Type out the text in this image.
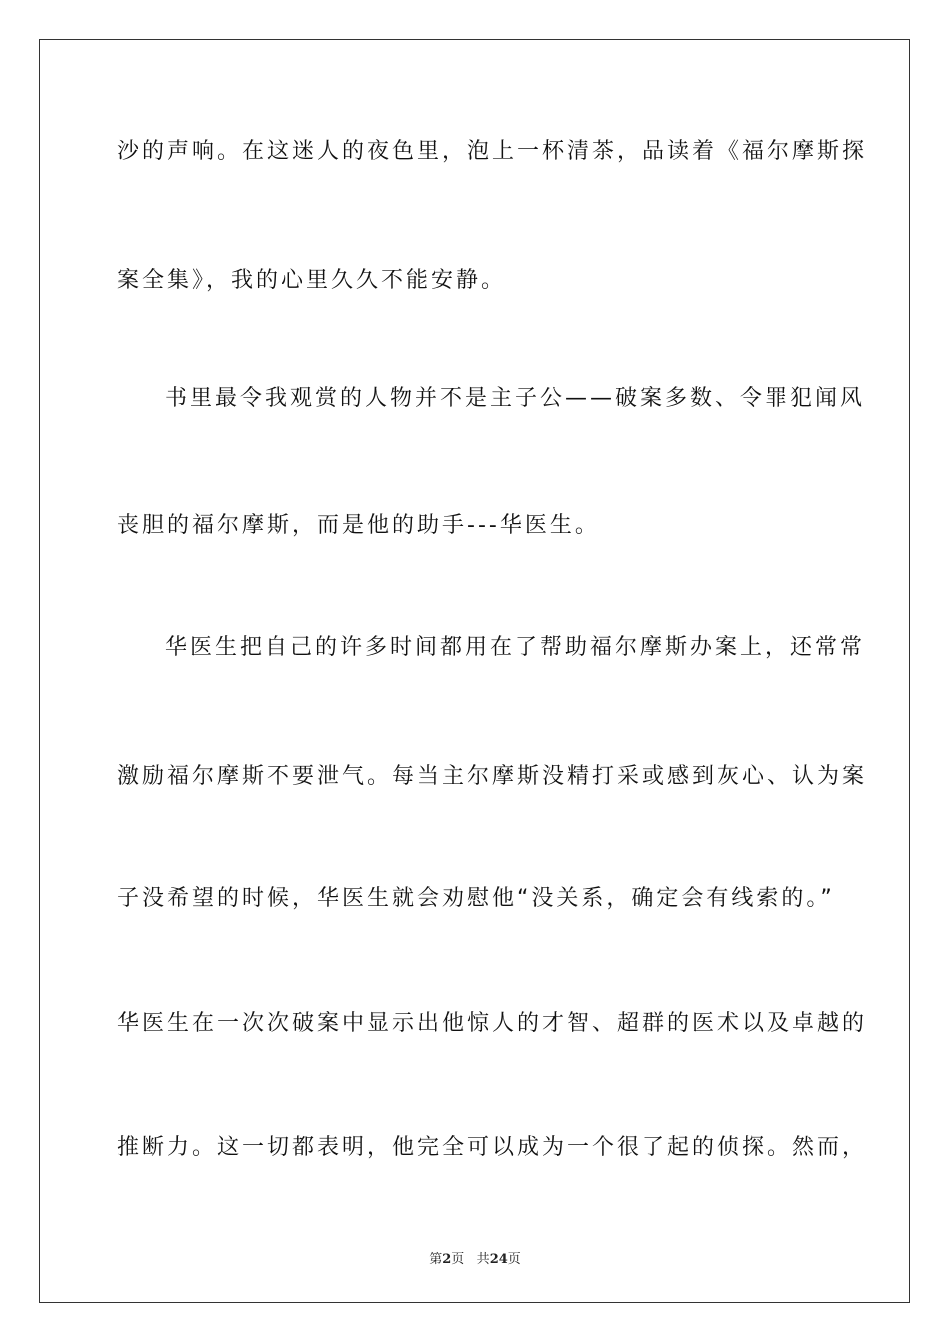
沙的声响。在这迷人的夜色里，泡上一杯清茶，品读着《福尔摩斯探
案全集》，我的心里久久不能安静。
书里最令我观赏的人物并不是主子公——破案多数、令罪犯闻风
丧胆的福尔摩斯，而是他的助手---华医生。
华医生把自己的许多时间都用在了帮助福尔摩斯办案上，还常常
激励福尔摩斯不要泄气。每当主尔摩斯没精打采或感到灰心、认为案
子没希望的时候，华医生就会劝慰他“没关系，确定会有线索的。”
华医生在一次次破案中显示出他惊人的才智、超群的医术以及卓越的
推断力。这一切都表明，他完全可以成为一个很了起的侦探。然而，
第2页 共24页
